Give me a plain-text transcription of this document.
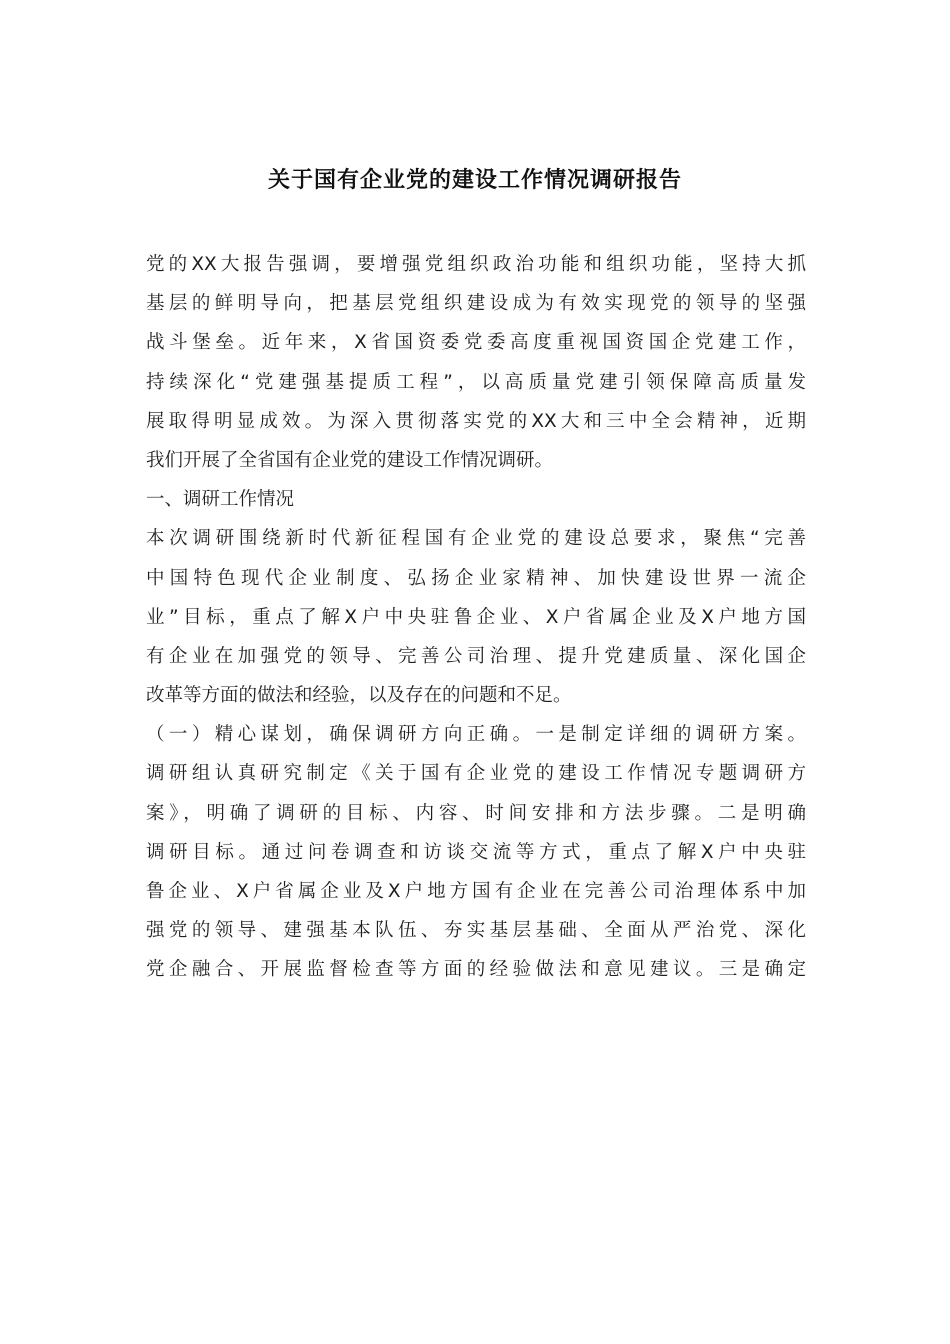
关于国有企业党的建设工作情况调研报告
党的XX大报告强调，要增强党组织政治功能和组织功能，坚持大抓
基层的鲜明导向，把基层党组织建设成为有效实现党的领导的坚强
战斗堡垒。近年来，X省国资委党委高度重视国资国企党建工作，
持续深化“党建强基提质工程”，以高质量党建引领保障高质量发
展取得明显成效。为深入贯彻落实党的XX大和三中全会精神，近期
我们开展了全省国有企业党的建设工作情况调研。
一、调研工作情况
本次调研围绕新时代新征程国有企业党的建设总要求，聚焦“完善
中国特色现代企业制度、弘扬企业家精神、加快建设世界一流企
业”目标，重点了解X户中央驻鲁企业、X户省属企业及X户地方国
有企业在加强党的领导、完善公司治理、提升党建质量、深化国企
改革等方面的做法和经验，以及存在的问题和不足。
（一）精心谋划，确保调研方向正确。一是制定详细的调研方案。
调研组认真研究制定《关于国有企业党的建设工作情况专题调研方
案》，明确了调研的目标、内容、时间安排和方法步骤。二是明确
调研目标。通过问卷调查和访谈交流等方式，重点了解X户中央驻
鲁企业、X户省属企业及X户地方国有企业在完善公司治理体系中加
强党的领导、建强基本队伍、夯实基层基础、全面从严治党、深化
党企融合、开展监督检查等方面的经验做法和意见建议。三是确定
